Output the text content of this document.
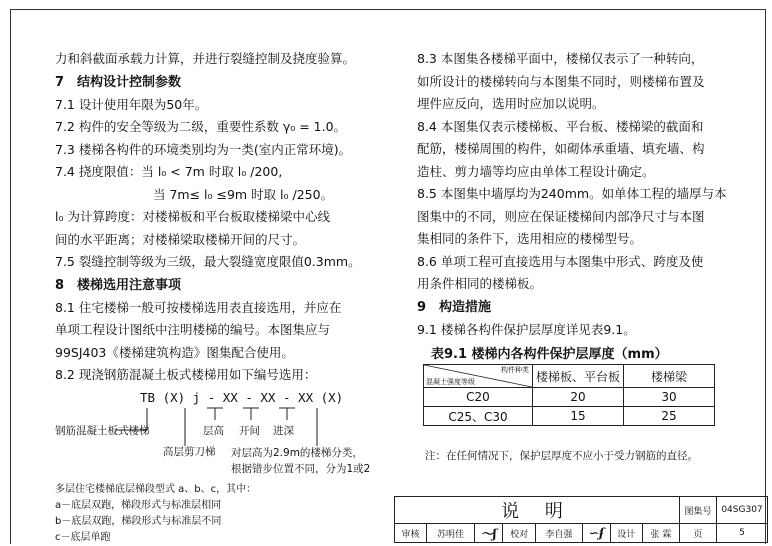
力和斜截面承载力计算，并进行裂缝控制及挠度验算。
7 结构设计控制参数
7.1 设计使用年限为50年。
7.2 构件的安全等级为二级，重要性系数 γ₀ = 1.0。
7.3 楼梯各构件的环境类别均为一类(室内正常环境)。
7.4 挠度限值：当 l₀ < 7m 时取 l₀ /200,
当 7m≤ l₀ ≤9m 时取 l₀ /250。
l₀ 为计算跨度：对楼梯板和平台板取楼梯梁中心线
间的水平距离；对楼梯梁取楼梯开间的尺寸。
7.5 裂缝控制等级为三级，最大裂缝宽度限值0.3mm。
8 楼梯选用注意事项
8.1 住宅楼梯一般可按楼梯选用表直接选用，并应在
单项工程设计图纸中注明楼梯的编号。本图集应与
99SJ403《楼梯建筑构造》图集配合使用。
8.2 现浇钢筋混凝土板式楼梯用如下编号选用：
TB (X) j - XX - XX - XX (X)
钢筋混凝土板式楼梯
高层剪刀梯
层高 开间 进深
对层高为2.9m的楼梯分类，
根据错步位置不同，分为1或2
多层住宅楼梯底层梯段型式 a、b、c，其中：
a－底层双跑，梯段形式与标准层相同
b－底层双跑，梯段形式与标准层不同
c－底层单跑
8.3 本图集各楼梯平面中，楼梯仅表示了一种转向，
如所设计的楼梯转向与本图集不同时，则楼梯布置及
埋件应反向，选用时应加以说明。
8.4 本图集仅表示楼梯板、平台板、楼梯梁的截面和
配筋，楼梯周围的构件，如砌体承重墙、填充墙、构
造柱、剪力墙等均应由单体工程设计确定。
8.5 本图集中墙厚均为240mm。如单体工程的墙厚与本
图集中的不同，则应在保证楼梯间内部净尺寸与本图
集相同的条件下，选用相应的楼梯型号。
8.6 单项工程可直接选用与本图集中形式、跨度及使
用条件相同的楼梯板。
9 构造措施
9.1 楼梯各构件保护层厚度详见表9.1。
表9.1 楼梯内各构件保护层厚度（mm）
构件种类
混凝土强度等级	楼梯板、平台板	楼梯梁
C20	20	30
C25、C30	15	25
注：在任何情况下，保护层厚度不应小于受力钢筋的直径。
说 明								图集号	04SG307
审核	苏明佳	〜ʃ	校对	李自强	∽ʄ	设计	张 霖	页	5
